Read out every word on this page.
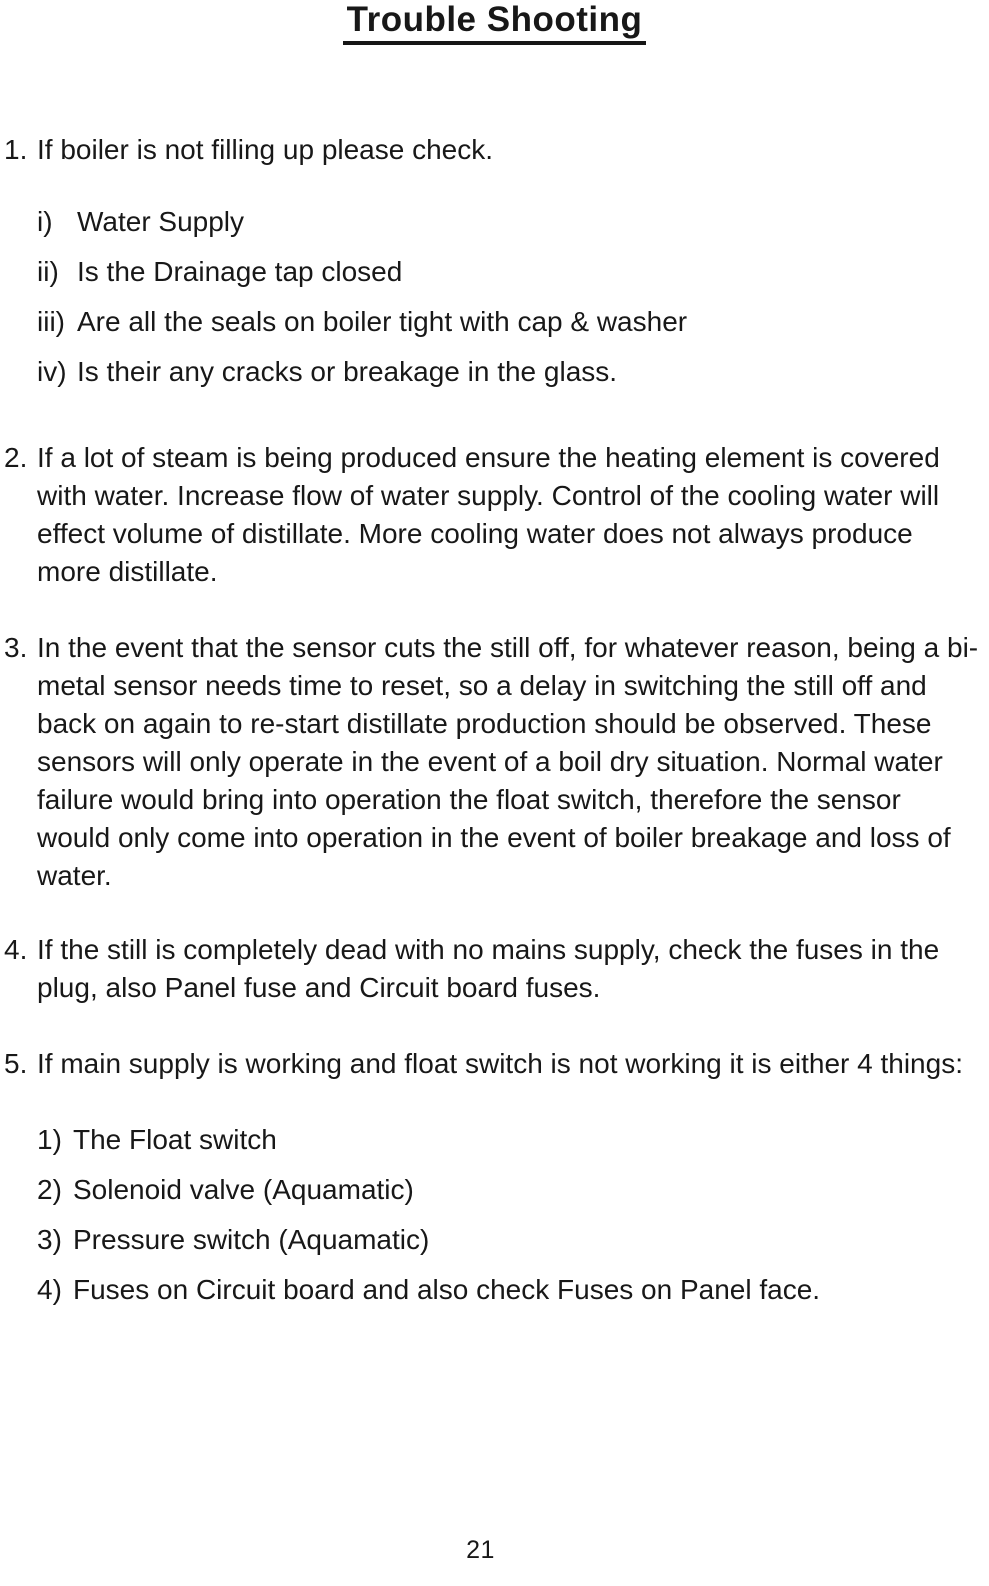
Trouble Shooting
1. If boiler is not filling up please check.
i) Water Supply
ii) Is the Drainage tap closed
iii) Are all the seals on boiler tight with cap & washer
iv) Is their any cracks or breakage in the glass.
2. If a lot of steam is being produced ensure the heating element is covered with water. Increase flow of water supply. Control of the cooling water will effect volume of distillate. More cooling water does not always produce more distillate.
3. In the event that the sensor cuts the still off, for whatever reason, being a bi-metal sensor needs time to reset, so a delay in switching the still off and back on again to re-start distillate production should be observed. These sensors will only operate in the event of a boil dry situation. Normal water failure would bring into operation the float switch, therefore the sensor would only come into operation in the event of boiler breakage and loss of water.
4. If the still is completely dead with no mains supply, check the fuses in the plug, also Panel fuse and Circuit board fuses.
5. If main supply is working and float switch is not working it is either 4 things:
1) The Float switch
2) Solenoid valve (Aquamatic)
3) Pressure switch (Aquamatic)
4) Fuses on Circuit board and also check Fuses on Panel face.
21
